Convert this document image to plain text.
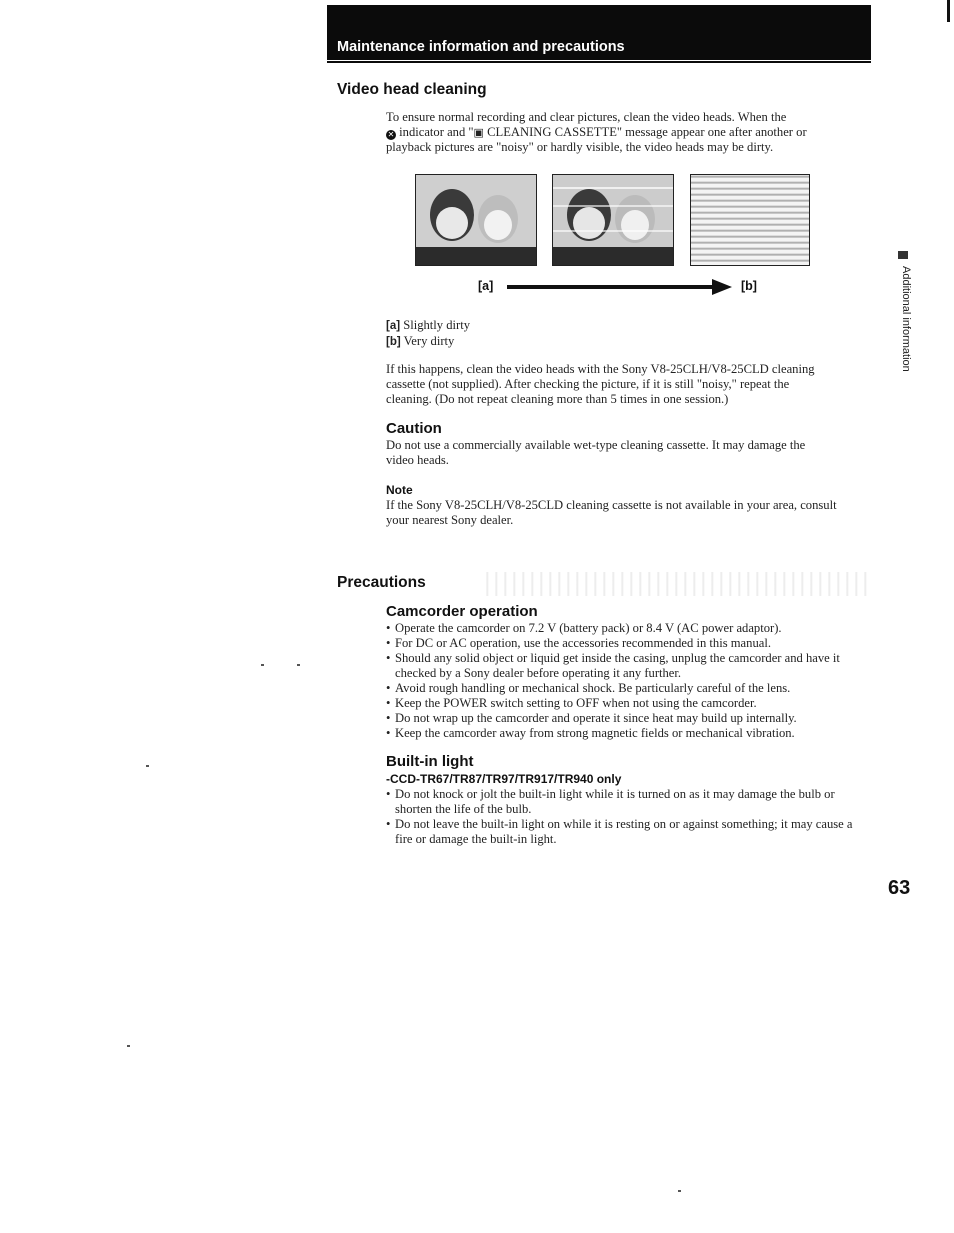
Maintenance information and precautions
Video head cleaning

To ensure normal recording and clear pictures, clean the video heads. When the

✕ indicator and "▣ CLEANING CASSETTE" message appear one after another or

playback pictures are "noisy" or hardly visible, the video heads may be dirty.

[a]	[b]

[a] Slightly dirty

[b] Very dirty

If this happens, clean the video heads with the Sony V8-25CLH/V8-25CLD cleaning

cassette (not supplied). After checking the picture, if it is still "noisy," repeat the

cleaning. (Do not repeat cleaning more than 5 times in one session.)

Caution

Do not use a commercially available wet-type cleaning cassette. It may damage the

video heads.

Note

If the Sony V8-25CLH/V8-25CLD cleaning cassette is not available in your area, consult

your nearest Sony dealer.

Precautions
Camcorder operation
• Operate the camcorder on 7.2 V (battery pack) or 8.4 V (AC power adaptor).
• For DC or AC operation, use the accessories recommended in this manual.
• Should any solid object or liquid get inside the casing, unplug the camcorder and have it checked by a Sony dealer before operating it any further.
• Avoid rough handling or mechanical shock. Be particularly careful of the lens.
• Keep the POWER switch setting to OFF when not using the camcorder.
• Do not wrap up the camcorder and operate it since heat may build up internally.
• Keep the camcorder away from strong magnetic fields or mechanical vibration.
Built-in light
-CCD-TR67/TR87/TR97/TR917/TR940 only
• Do not knock or jolt the built-in light while it is turned on as it may damage the bulb or shorten the life of the bulb.
• Do not leave the built-in light on while it is resting on or against something; it may cause a fire or damage the built-in light.
Additional information
63
